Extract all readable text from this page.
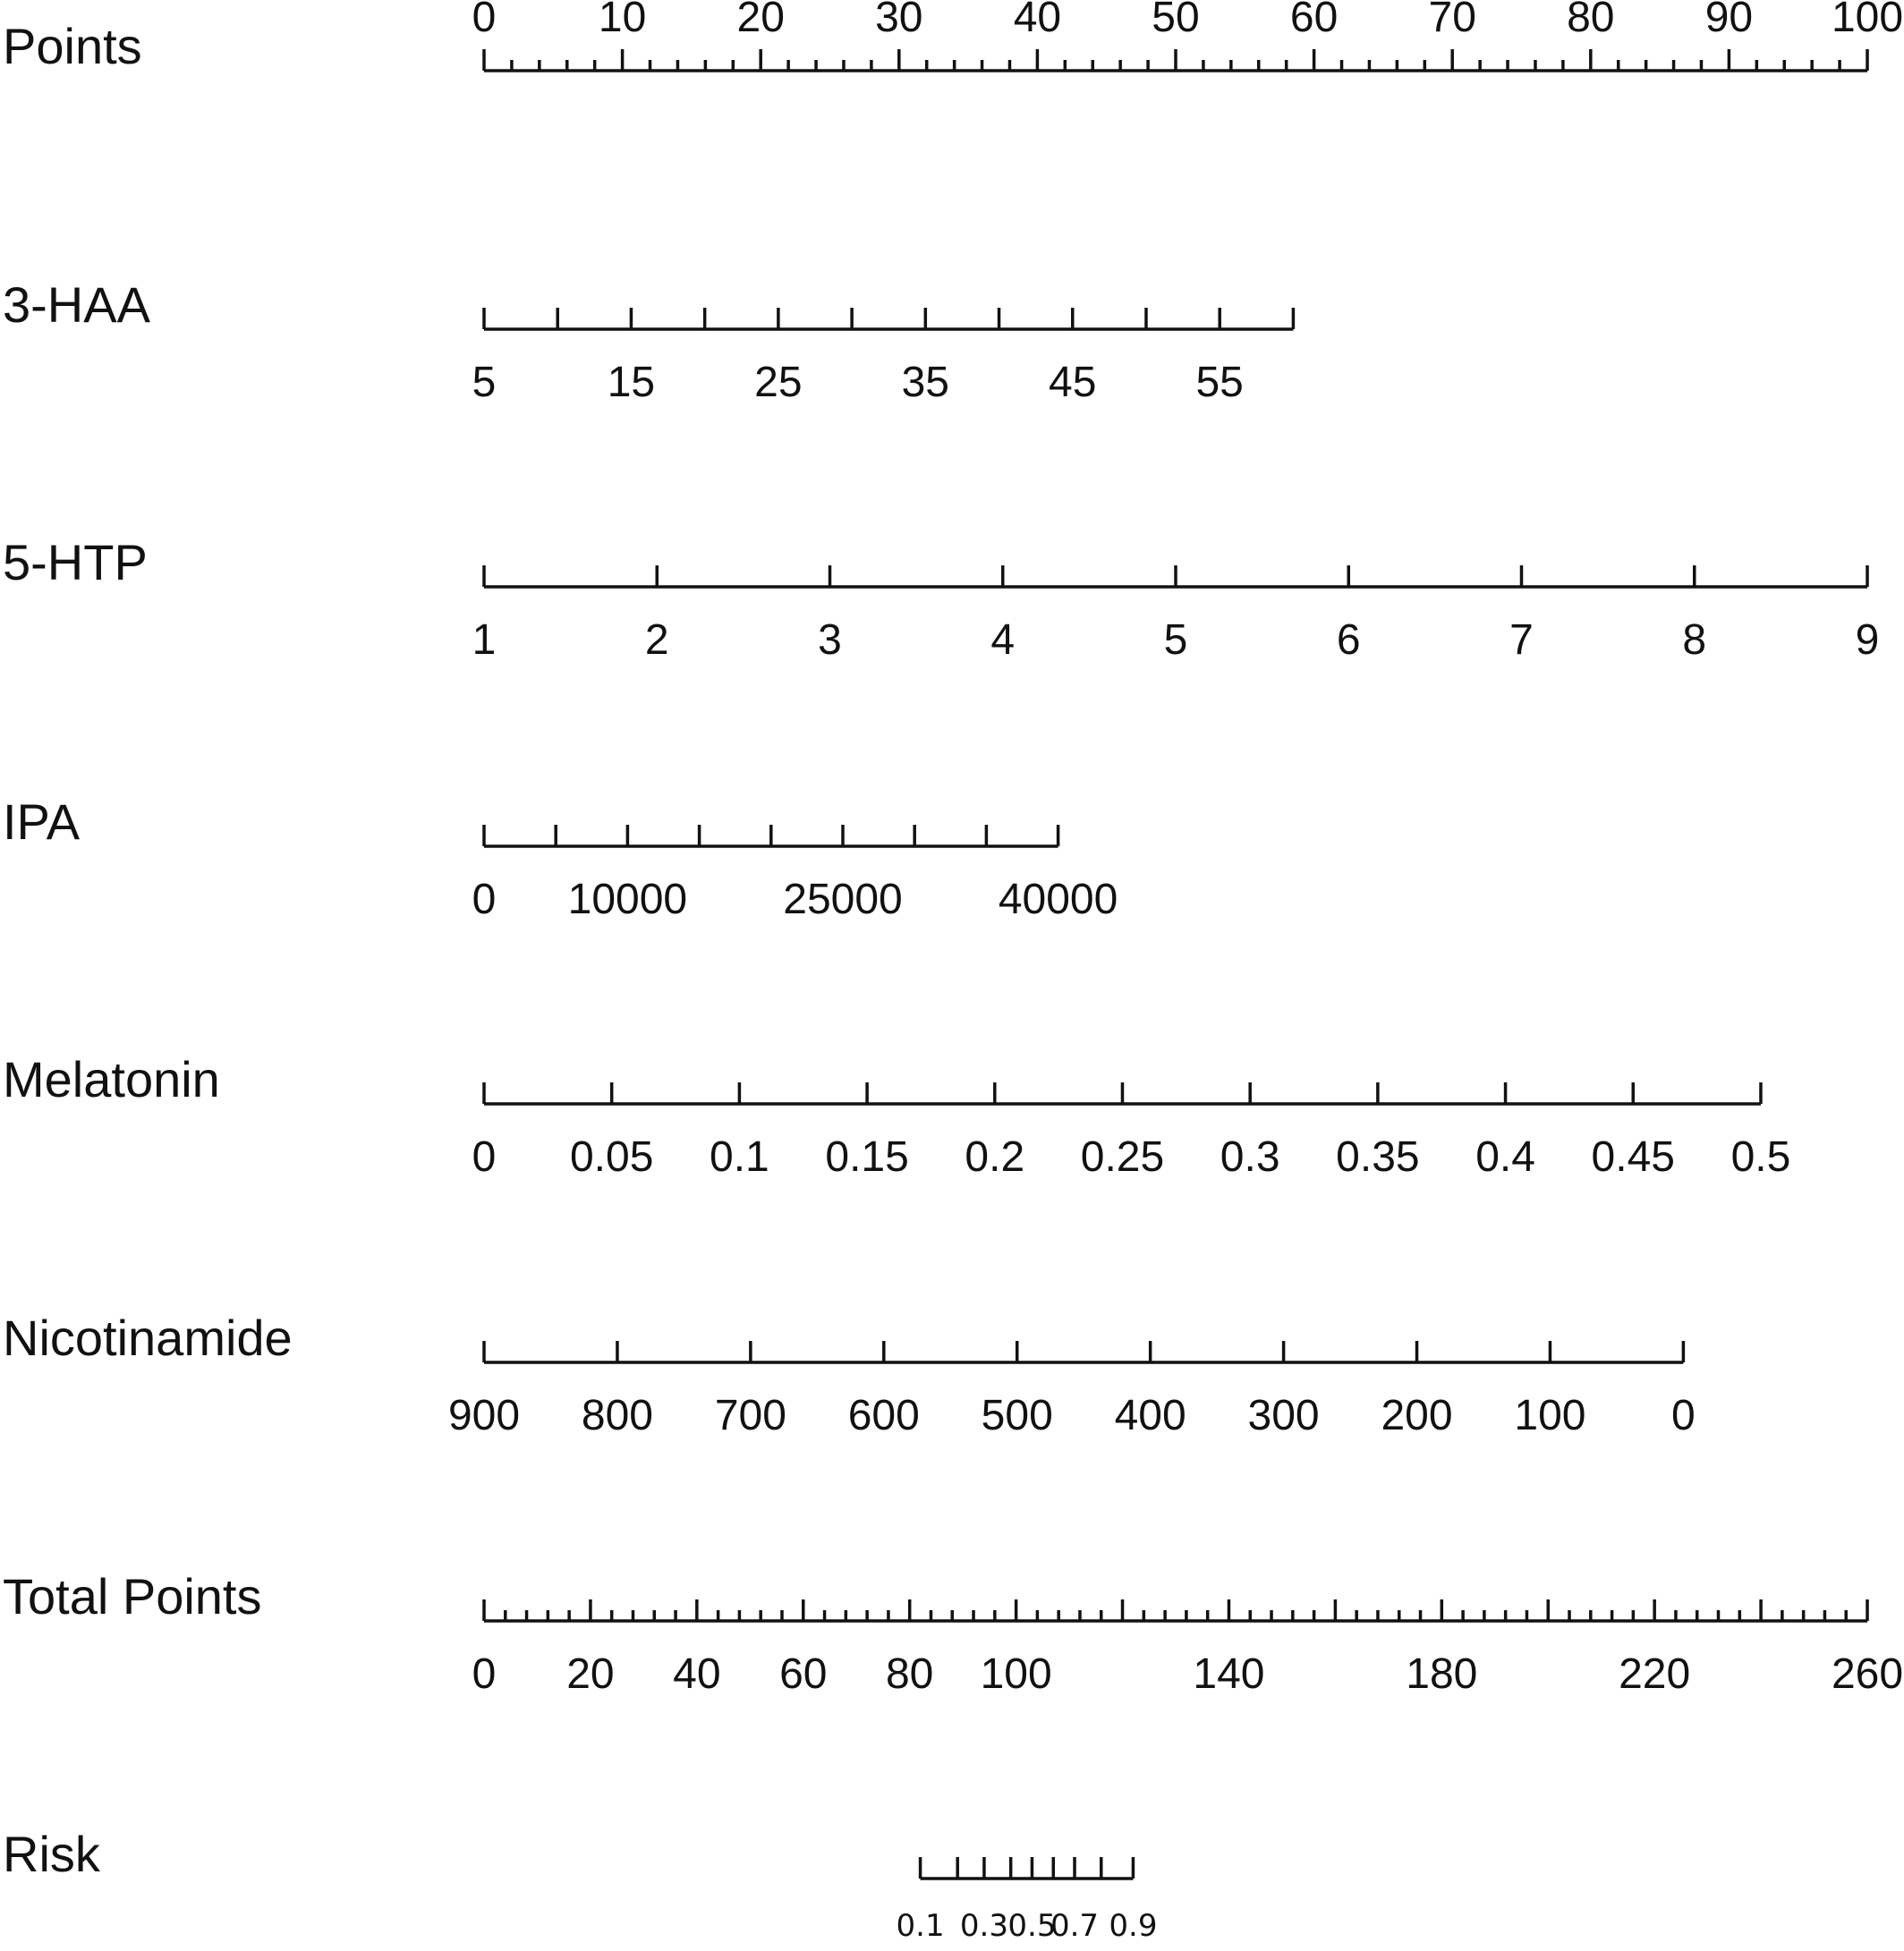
Points
0 10 20 30 40 50 60 70 80 90 100
3-HAA
5	15 25 35 45 55
5-HTP
1	2	3	4	5	6	7	8	9
IPA
0 10000 25000 40000
Melatonin
0 0.05 0.1 0.15 0.2 0.25 0.3 0.35 0.4 0.45 0.5
Nicotinamide
900 800 700 600 500 400 300 200 100 0
Total Points
0 20 40 60 80 100	140	180	220	260
Risk
0.1 0.3 0.5
0.7 0.9
